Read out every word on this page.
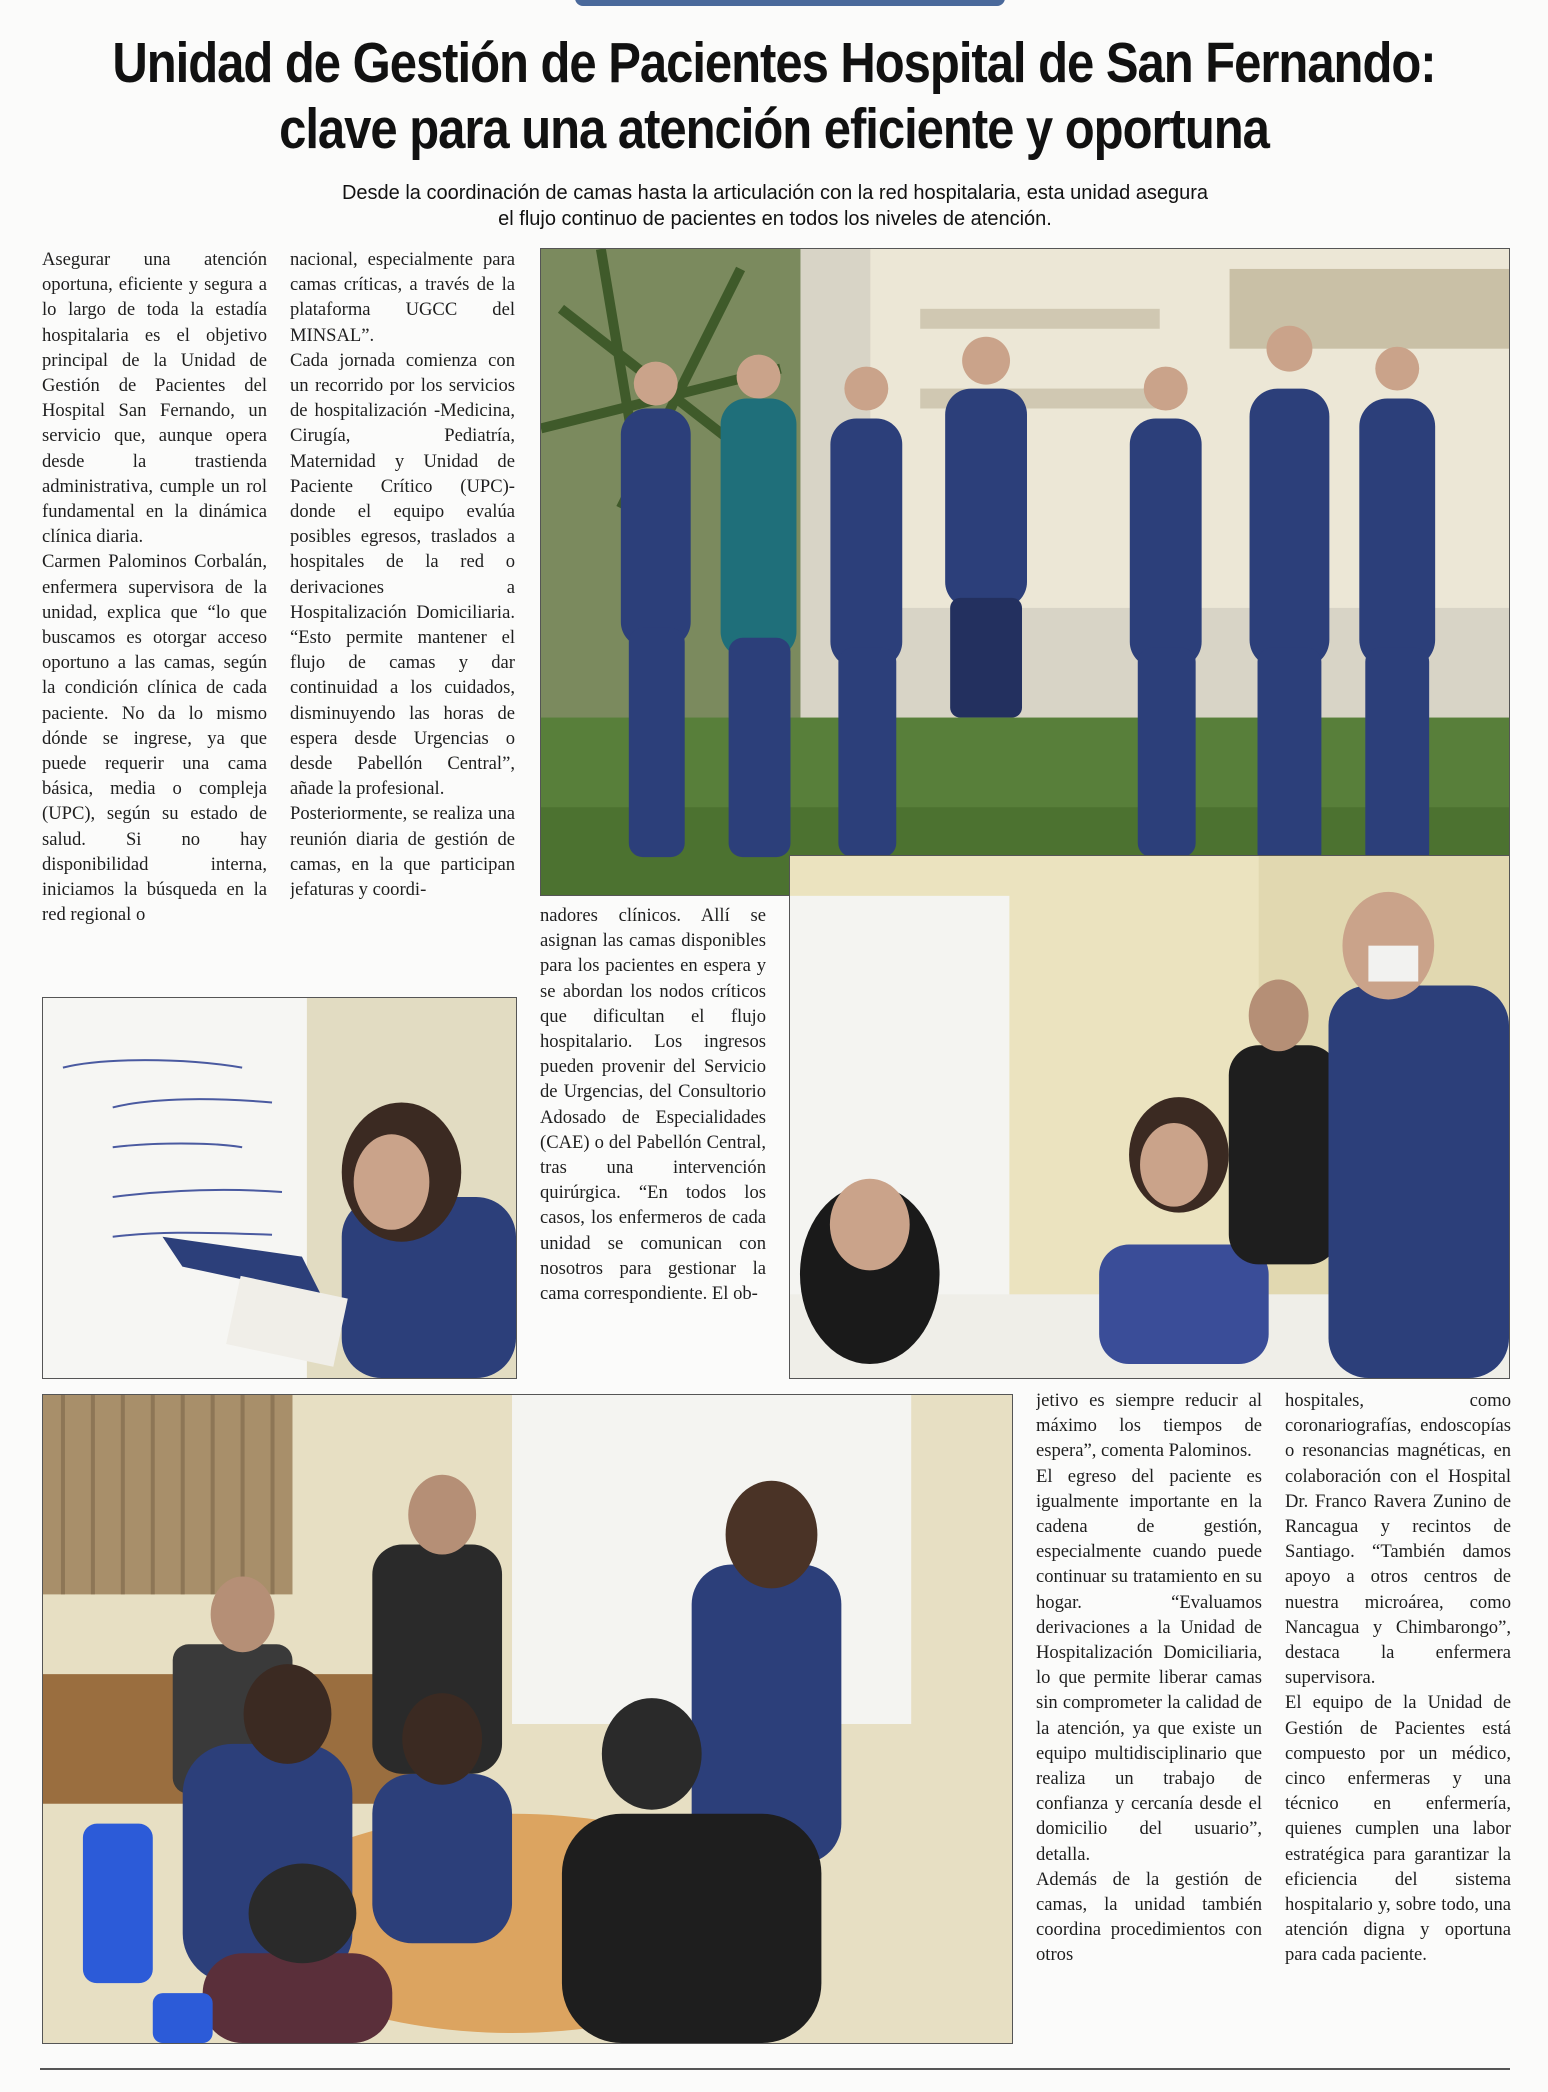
Unidad de Gestión de Pacientes Hospital de San Fernando:
clave para una atención eficiente y oportuna

Desde la coordinación de camas hasta la articulación con la red hospitalaria, esta unidad asegura
el flujo continuo de pacientes en todos los niveles de atención.

Asegurar una atención oportuna, eficiente y segura a lo largo de toda la estadía hospitalaria es el objetivo principal de la Unidad de Gestión de Pacientes del Hospital San Fernando, un servicio que, aunque opera desde la trastienda administrativa, cumple un rol fundamental en la dinámica clínica diaria.
Carmen Palominos Corbalán, enfermera supervisora de la unidad, explica que “lo que buscamos es otorgar acceso oportuno a las camas, según la condición clínica de cada paciente. No da lo mismo dónde se ingrese, ya que puede requerir una cama básica, media o compleja (UPC), según su estado de salud. Si no hay disponibilidad interna, iniciamos la búsqueda en la red regional o

nacional, especialmente para camas críticas, a través de la plataforma UGCC del MINSAL”.
Cada jornada comienza con un recorrido por los servicios de hospitalización -Medicina, Cirugía, Pediatría, Maternidad y Unidad de Paciente Crítico (UPC)- donde el equipo evalúa posibles egresos, traslados a hospitales de la red o derivaciones a Hospitalización Domiciliaria. “Esto permite mantener el flujo de camas y dar continuidad a los cuidados, disminuyendo las horas de espera desde Urgencias o desde Pabellón Central”, añade la profesional.
Posteriormente, se realiza una reunión diaria de gestión de camas, en la que participan jefaturas y coordi-

nadores clínicos. Allí se asignan las camas disponibles para los pacientes en espera y se abordan los nodos críticos que dificultan el flujo hospitalario. Los ingresos pueden provenir del Servicio de Urgencias, del Consultorio Adosado de Especialidades (CAE) o del Pabellón Central, tras una intervención quirúrgica. “En todos los casos, los enfermeros de cada unidad se comunican con nosotros para gestionar la cama correspondiente. El ob-

jetivo es siempre reducir al máximo los tiempos de espera”, comenta Palominos.
El egreso del paciente es igualmente importante en la cadena de gestión, especialmente cuando puede continuar su tratamiento en su hogar. “Evaluamos derivaciones a la Unidad de Hospitalización Domiciliaria, lo que permite liberar camas sin comprometer la calidad de la atención, ya que existe un equipo multidisciplinario que realiza un trabajo de confianza y cercanía desde el domicilio del usuario”, detalla.
Además de la gestión de camas, la unidad también coordina procedimientos con otros

hospitales, como coronariografías, endoscopías o resonancias magnéticas, en colaboración con el Hospital Dr. Franco Ravera Zunino de Rancagua y recintos de Santiago. “También damos apoyo a otros centros de nuestra microárea, como Nancagua y Chimbarongo”, destaca la enfermera supervisora.
El equipo de la Unidad de Gestión de Pacientes está compuesto por un médico, cinco enfermeras y una técnico en enfermería, quienes cumplen una labor estratégica para garantizar la eficiencia del sistema hospitalario y, sobre todo, una atención digna y oportuna para cada paciente.
